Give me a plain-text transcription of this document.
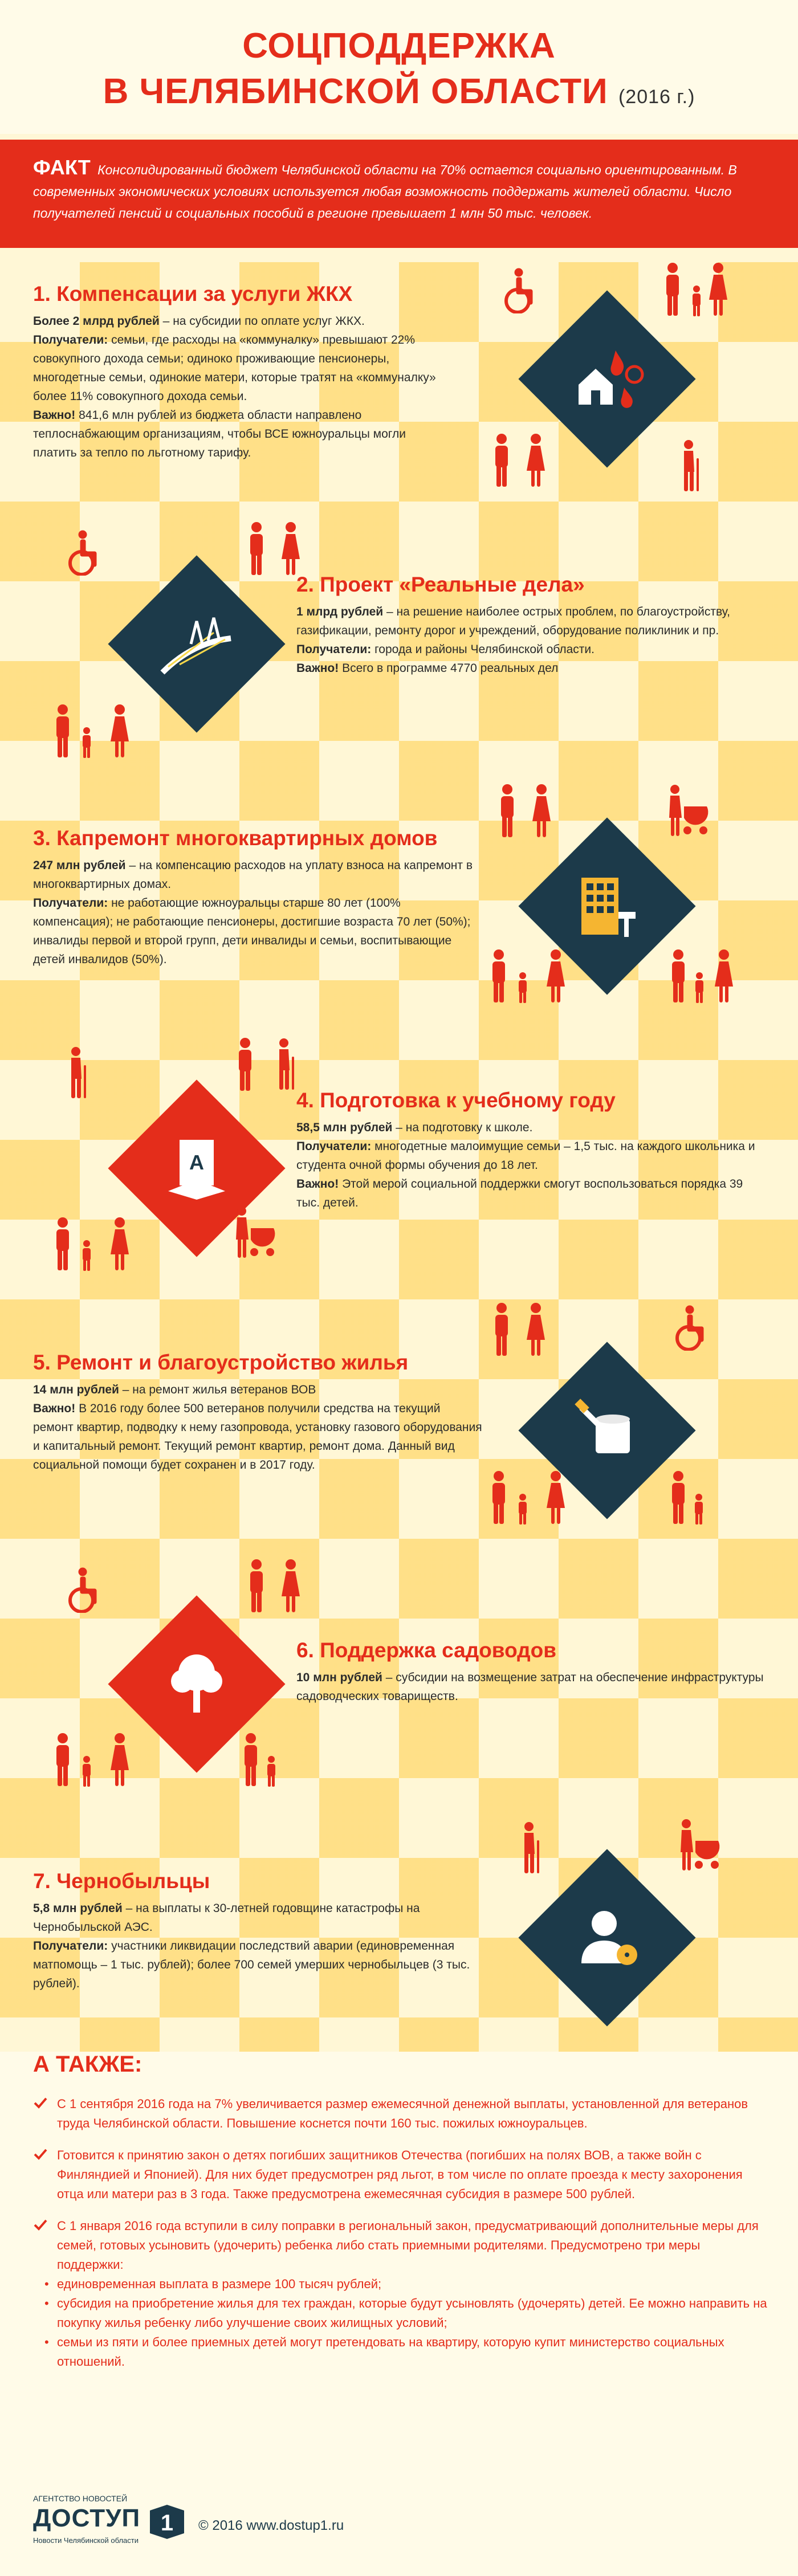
СОЦПОДДЕРЖКА
В ЧЕЛЯБИНСКОЙ ОБЛАСТИ (2016 г.)
ФАКТ Консолидированный бюджет Челябинской области на 70% остается социально ориентированным. В современных экономических условиях используется любая возможность поддержать жителей области. Число получателей пенсий и социальных пособий в регионе превышает 1 млн 50 тыс. человек.
1. Компенсации за услуги ЖКХ
Более 2 млрд рублей – на субсидии по оплате услуг ЖКХ.
Получатели: семьи, где расходы на «коммуналку» превышают 22% совокупного дохода семьи; одиноко проживающие пенсионеры, многодетные семьи, одинокие матери, которые тратят на «коммуналку» более 11% совокупного дохода семьи.
Важно! 841,6 млн рублей из бюджета области направлено теплоснабжающим организациям, чтобы ВСЕ южноуральцы могли платить за тепло по льготному тарифу.
2. Проект «Реальные дела»
1 млрд рублей – на решение наиболее острых проблем, по благоустройству, газификации, ремонту дорог и учреждений, оборудование поликлиник и пр.
Получатели: города и районы Челябинской области.
Важно! Всего в программе 4770 реальных дел
3. Капремонт многоквартирных домов
247 млн рублей – на компенсацию расходов на уплату взноса на капремонт в многоквартирных домах.
Получатели: не работающие южноуральцы старше 80 лет (100% компенсация); не работающие пенсионеры, достигшие возраста 70 лет (50%); инвалиды первой и второй групп, дети инвалиды и семьи, воспитывающие детей инвалидов (50%).
А
4. Подготовка к учебному году
58,5 млн рублей – на подготовку к школе.
Получатели: многодетные малоимущие семьи – 1,5 тыс. на каждого школьника и студента очной формы обучения до 18 лет.
Важно! Этой мерой социальной поддержки смогут воспользоваться порядка 39 тыс. детей.
5. Ремонт и благоустройство жилья
14 млн рублей – на ремонт жилья ветеранов ВОВ
Важно! В 2016 году более 500 ветеранов получили средства на текущий ремонт квартир, подводку к нему газопровода, установку газового оборудования и капитальный ремонт. Текущий ремонт квартир, ремонт дома. Данный вид социальной помощи будет сохранен и в 2017 году.
6. Поддержка садоводов
10 млн рублей – субсидии на возмещение затрат на обеспечение инфраструктуры садоводческих товариществ.
7. Чернобыльцы
5,8 млн рублей – на выплаты к 30-летней годовщине катастрофы на Чернобыльской АЭС.
Получатели: участники ликвидации последствий аварии (единовременная матпомощь – 1 тыс. рублей); более 700 семей умерших чернобыльцев (3 тыс. рублей).
А ТАКЖЕ:
С 1 сентября 2016 года на 7% увеличивается размер ежемесячной денежной выплаты, установленной для ветеранов труда Челябинской области. Повышение коснется почти 160 тыс. пожилых южноуральцев.
Готовится к принятию закон о детях погибших защитников Отечества (погибших на полях ВОВ, а также войн с Финляндией и Японией). Для них будет предусмотрен ряд льгот, в том числе по оплате проезда к месту захоронения отца или матери раз в 3 года. Также предусмотрена ежемесячная субсидия в размере 500 рублей.
С 1 января 2016 года вступили в силу поправки в региональный закон, предусматривающий дополнительные меры для семей, готовых усыновить (удочерить) ребенка либо стать приемными родителями. Предусмотрено три меры поддержки:
• единовременная выплата в размере 100 тысяч рублей;
• субсидия на приобретение жилья для тех граждан, которые будут усыновлять (удочерять) детей. Ее можно направить на покупку жилья ребенку либо улучшение своих жилищных условий;
• семьи из пяти и более приемных детей могут претендовать на квартиру, которую купит министерство социальных отношений.
АГЕНТСТВО НОВОСТЕЙ
ДОСТУП
Новости Челябинской области
1 © 2016 www.dostup1.ru
